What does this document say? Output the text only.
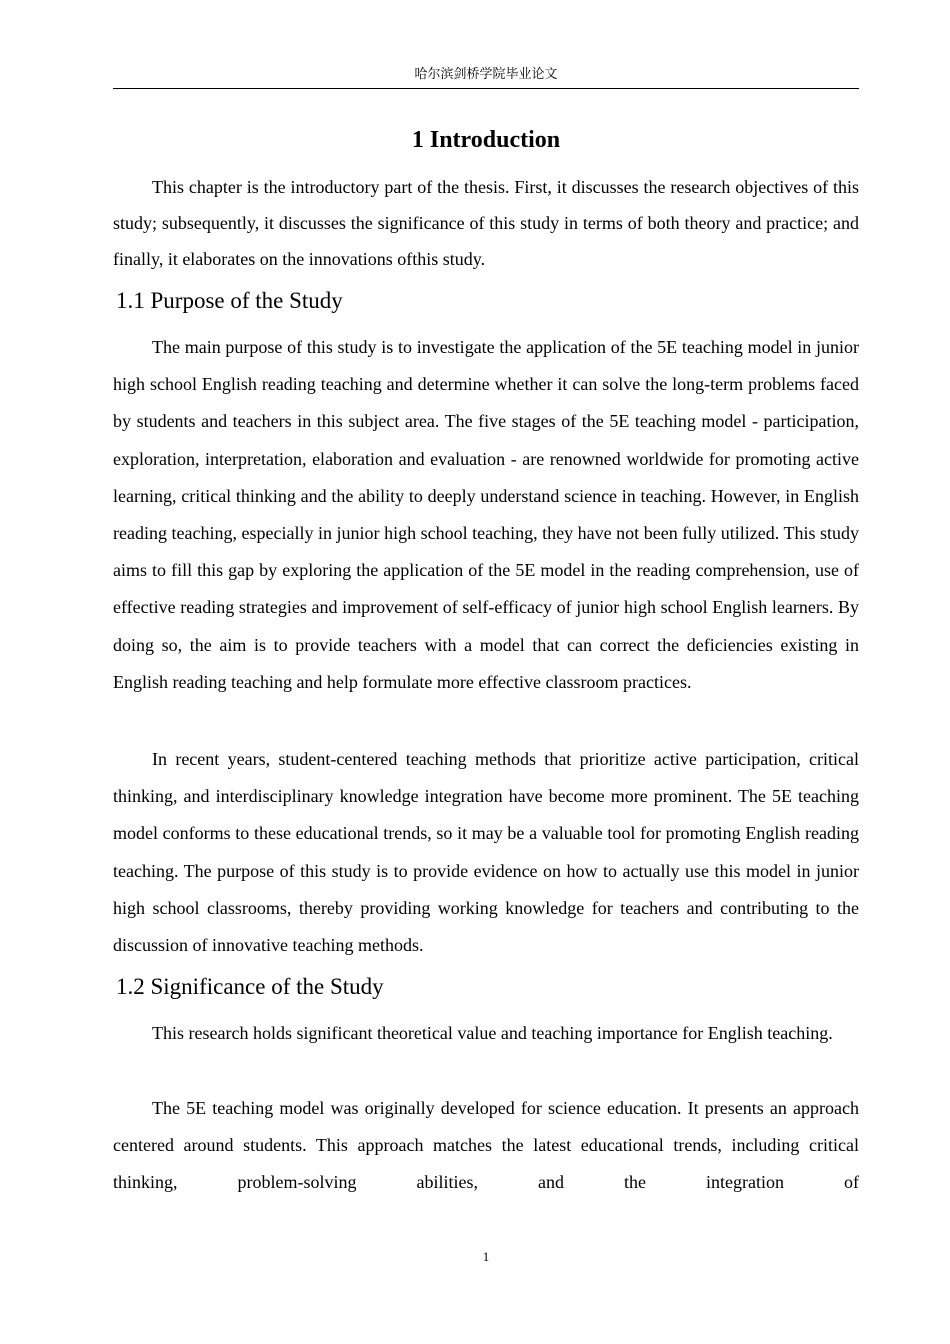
哈尔滨剑桥学院毕业论文
1 Introduction

This chapter is the introductory part of the thesis. First, it discusses the research objectives of this study; subsequently, it discusses the significance of this study in terms of both theory and practice; and finally, it elaborates on the innovations ofthis study.

1.1 Purpose of the Study

The main purpose of this study is to investigate the application of the 5E teaching model in junior high school English reading teaching and determine whether it can solve the long-term problems faced by students and teachers in this subject area. The five stages of the 5E teaching model - participation, exploration, interpretation, elaboration and evaluation - are renowned worldwide for promoting active learning, critical thinking and the ability to deeply understand science in teaching. However, in English reading teaching, especially in junior high school teaching, they have not been fully utilized. This study aims to fill this gap by exploring the application of the 5E model in the reading comprehension, use of effective reading strategies and improvement of self-efficacy of junior high school English learners. By doing so, the aim is to provide teachers with a model that can correct the deficiencies existing in English reading teaching and help formulate more effective classroom practices.

In recent years, student-centered teaching methods that prioritize active participation, critical thinking, and interdisciplinary knowledge integration have become more prominent. The 5E teaching model conforms to these educational trends, so it may be a valuable tool for promoting English reading teaching. The purpose of this study is to provide evidence on how to actually use this model in junior high school classrooms, thereby providing working knowledge for teachers and contributing to the discussion of innovative teaching methods.

1.2 Significance of the Study

This research holds significant theoretical value and teaching importance for English teaching.

The 5E teaching model was originally developed for science education. It presents an approach centered around students. This approach matches the latest educational trends, including critical thinking, problem-solving abilities, and the integration of

1
